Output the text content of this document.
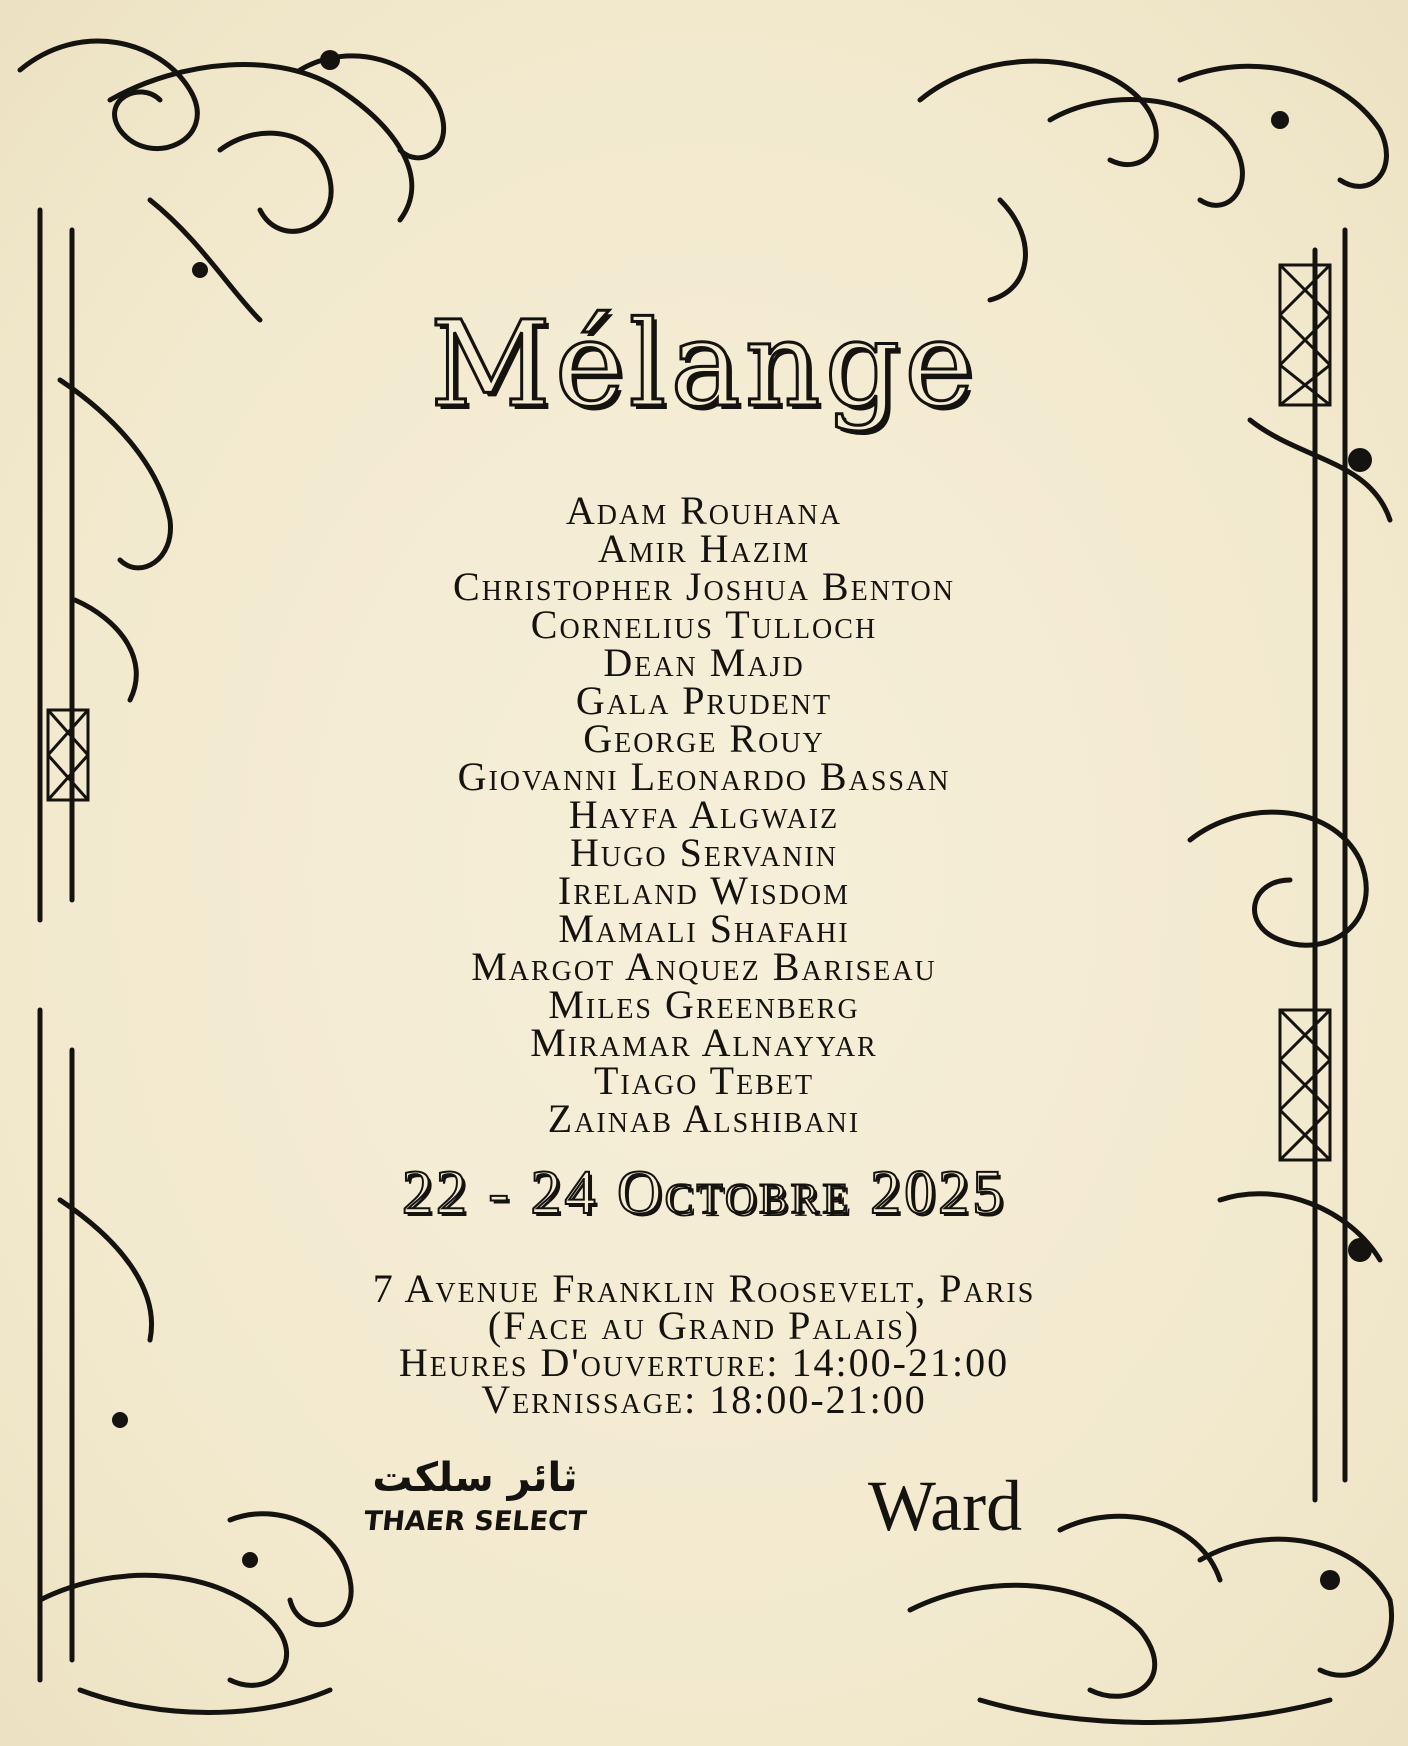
Mélange
Adam Rouhana
Amir Hazim
Christopher Joshua Benton
Cornelius Tulloch
Dean Majd
Gala Prudent
George Rouy
Giovanni Leonardo Bassan
Hayfa Algwaiz
Hugo Servanin
Ireland Wisdom
Mamali Shafahi
Margot Anquez Bariseau
Miles Greenberg
Miramar Alnayyar
Tiago Tebet
Zainab Alshibani
22 - 24 Octobre 2025
7 Avenue Franklin Roosevelt, Paris
(Face au Grand Palais)
Heures D'ouverture: 14:00-21:00
Vernissage: 18:00-21:00
ثائر سلكت
THAER SELECT	Ward
